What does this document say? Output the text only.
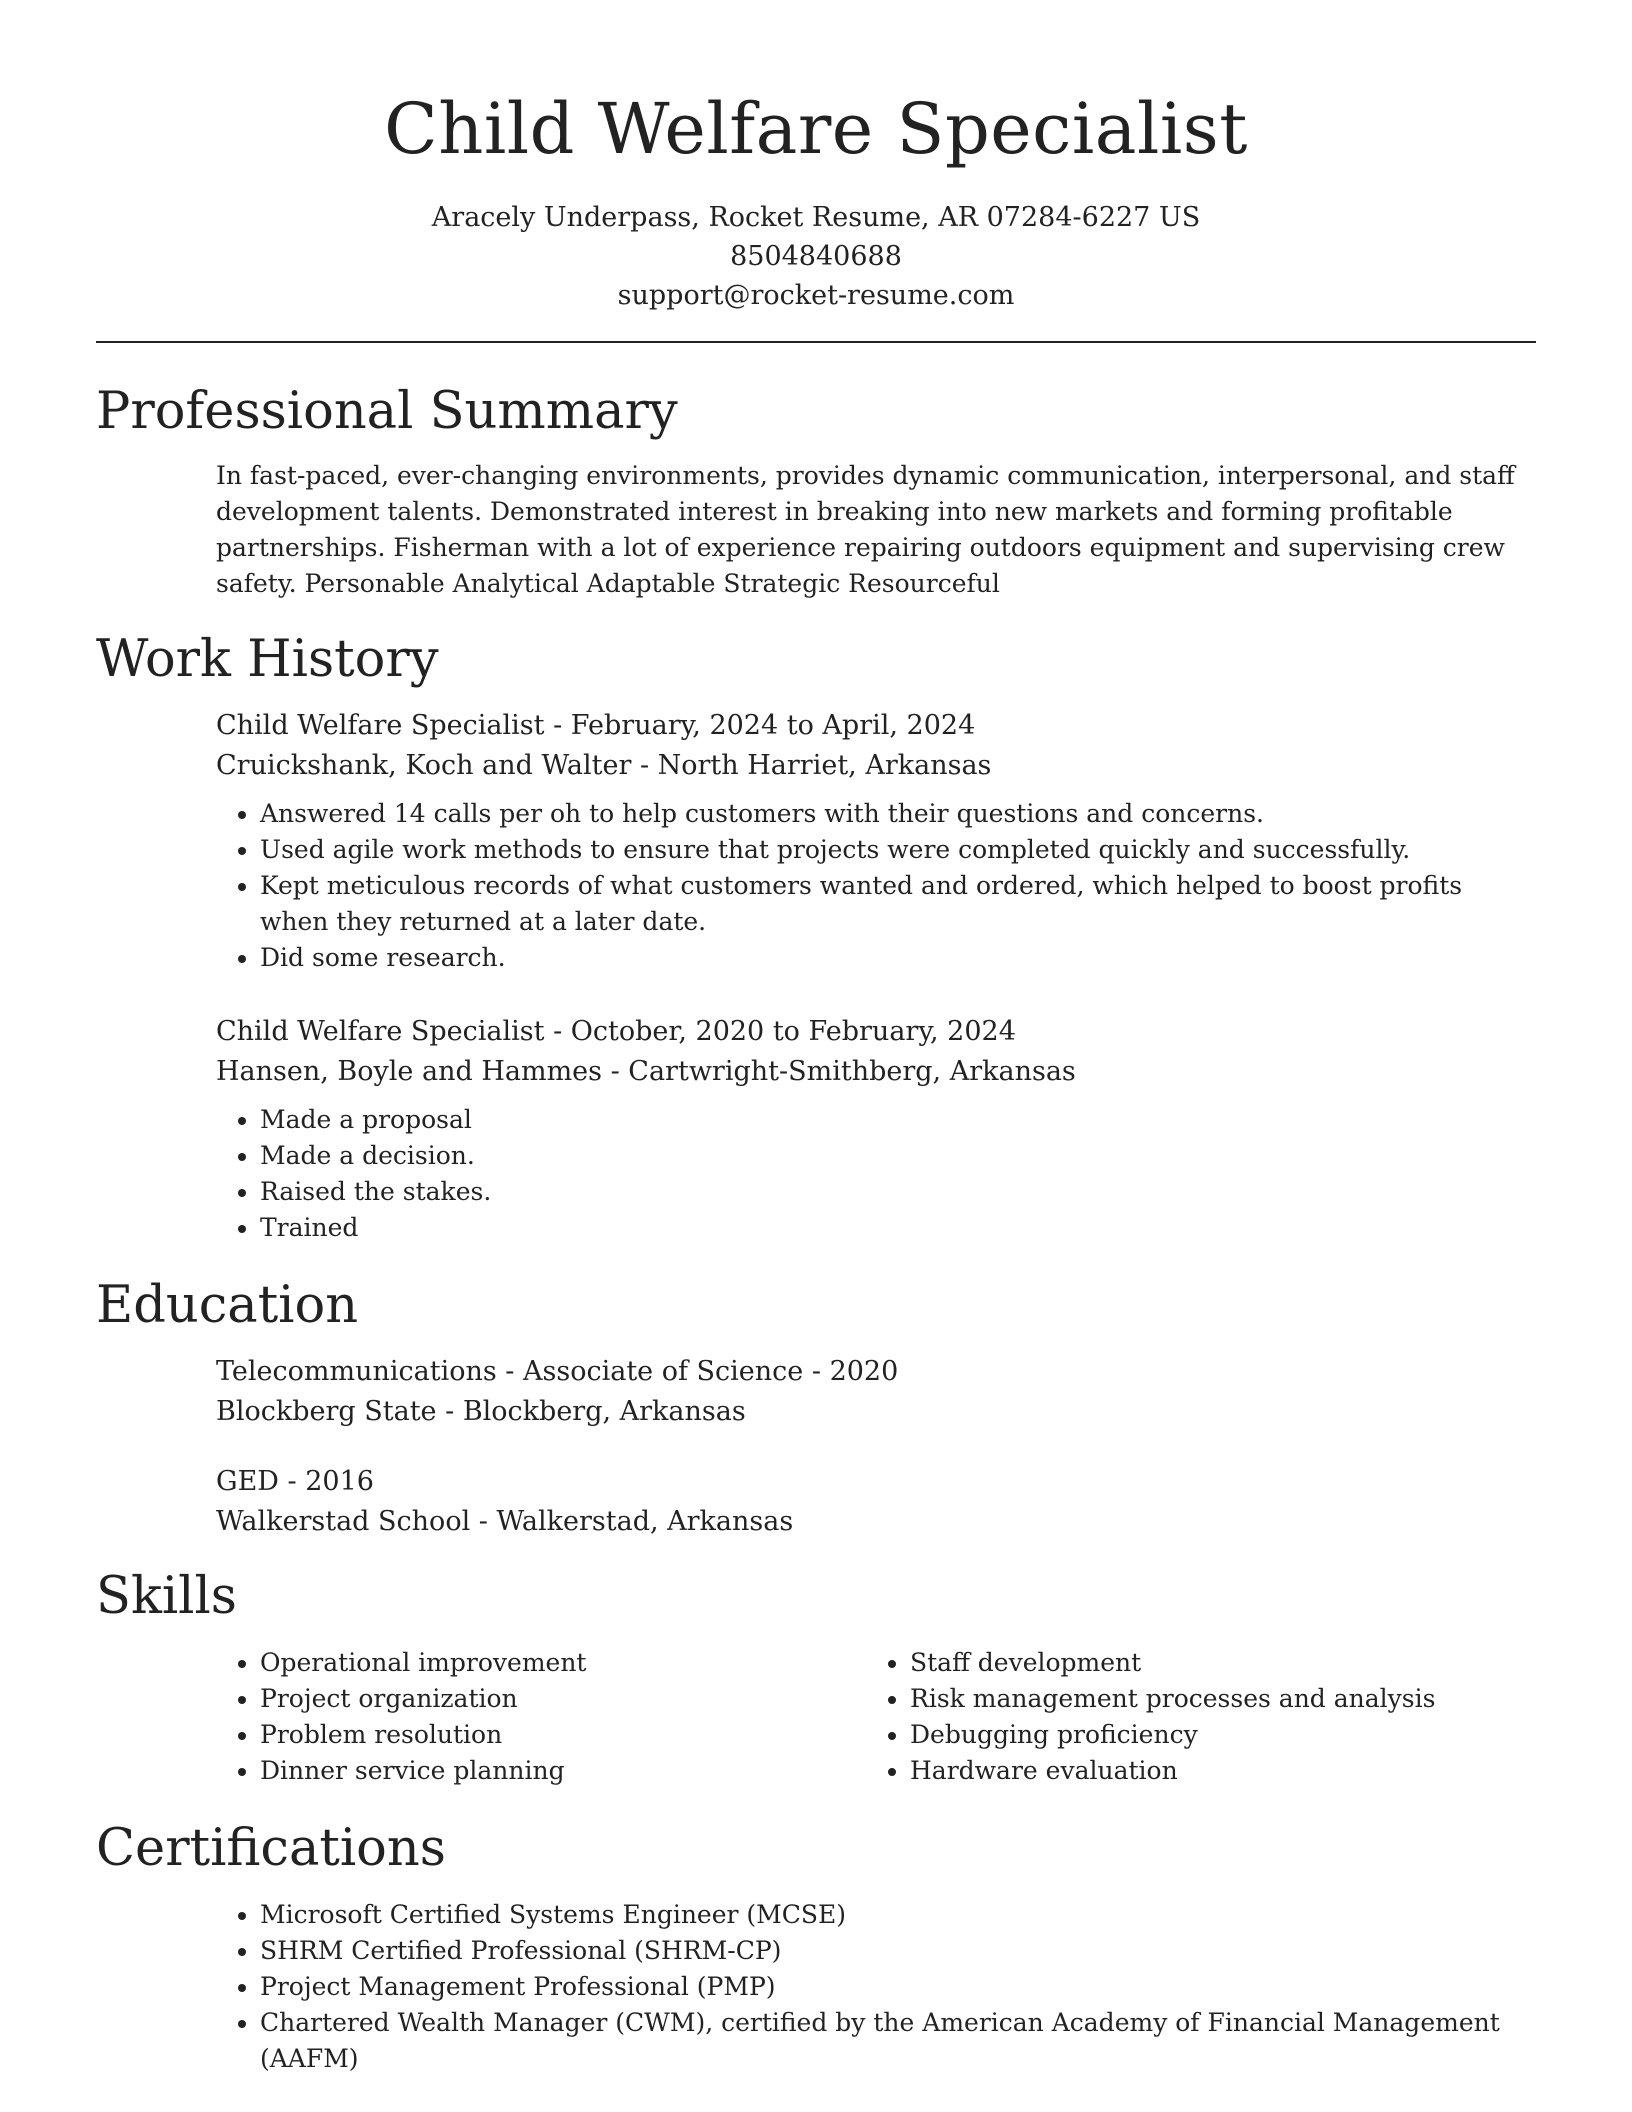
Child Welfare Specialist
Aracely Underpass, Rocket Resume, AR 07284-6227 US
8504840688
support@rocket-resume.com
Professional Summary

In fast-paced, ever-changing environments, provides dynamic communication, interpersonal, and staff development talents. Demonstrated interest in breaking into new markets and forming profitable partnerships. Fisherman with a lot of experience repairing outdoors equipment and supervising crew safety. Personable Analytical Adaptable Strategic Resourceful

Work History
Child Welfare Specialist - February, 2024 to April, 2024
Cruickshank, Koch and Walter - North Harriet, Arkansas
• Answered 14 calls per oh to help customers with their questions and concerns.
• Used agile work methods to ensure that projects were completed quickly and successfully.
• Kept meticulous records of what customers wanted and ordered, which helped to boost profits when they returned at a later date.
• Did some research.
Child Welfare Specialist - October, 2020 to February, 2024
Hansen, Boyle and Hammes - Cartwright-Smithberg, Arkansas
• Made a proposal
• Made a decision.
• Raised the stakes.
• Trained
Education
Telecommunications - Associate of Science - 2020
Blockberg State - Blockberg, Arkansas
GED - 2016
Walkerstad School - Walkerstad, Arkansas
Skills
• Operational improvement
• Project organization
• Problem resolution
• Dinner service planning
• Staff development
• Risk management processes and analysis
• Debugging proficiency
• Hardware evaluation
Certifications
• Microsoft Certified Systems Engineer (MCSE)
• SHRM Certified Professional (SHRM-CP)
• Project Management Professional (PMP)
• Chartered Wealth Manager (CWM), certified by the American Academy of Financial Management (AAFM)
